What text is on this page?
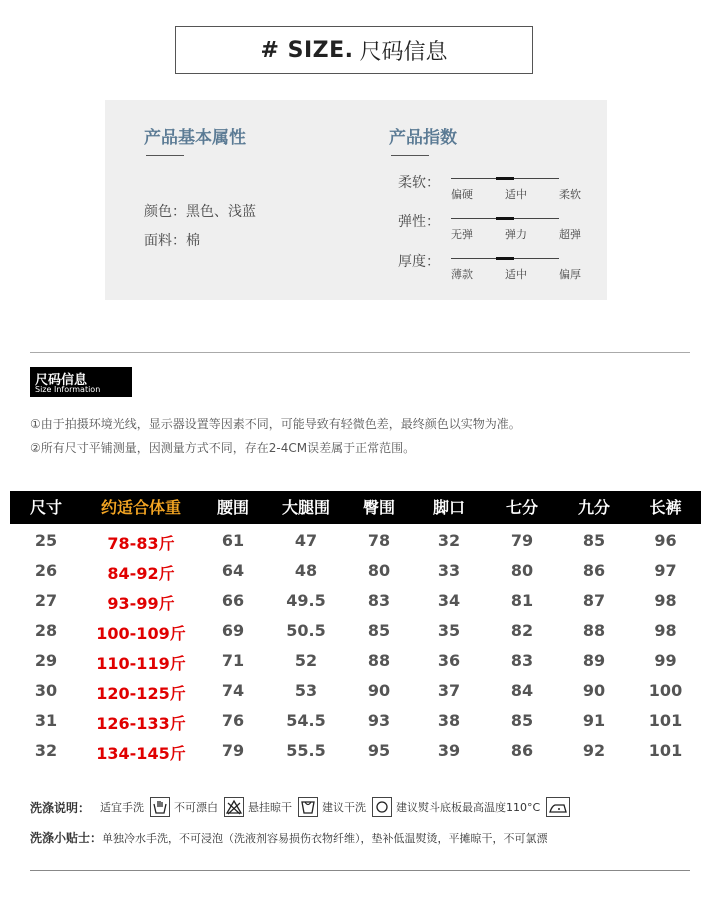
# SIZE. 尺码信息
产品基本属性
颜色：黑色、浅蓝
面料：棉
产品指数
柔软：
偏硬	适中	柔软
弹性：
无弹	弹力	超弹
厚度：
薄款	适中	偏厚
尺码信息
Size Information
①由于拍摄环境光线，显示器设置等因素不同，可能导致有轻微色差，最终颜色以实物为准。
②所有尺寸平铺测量，因测量方式不同，存在2-4CM误差属于正常范围。
尺寸	约适合体重	腰围	大腿围	臀围	脚口	七分	九分	长裤
25	78-83斤	61	47	78	32	79	85	96
26	84-92斤	64	48	80	33	80	86	97
27	93-99斤	66	49.5	83	34	81	87	98
28	100-109斤	69	50.5	85	35	82	88	98
29	110-119斤	71	52	88	36	83	89	99
30	120-125斤	74	53	90	37	84	90	100
31	126-133斤	76	54.5	93	38	85	91	101
32	134-145斤	79	55.5	95	39	86	92	101
洗涤说明： 适宜手洗	不可漂白	悬挂晾干	建议干洗	建议熨斗底板最高温度110°C
洗涤小贴士：单独冷水手洗，不可浸泡（洗液剂容易损伤衣物纤维），垫补低温熨烫，平摊晾干，不可氯漂
